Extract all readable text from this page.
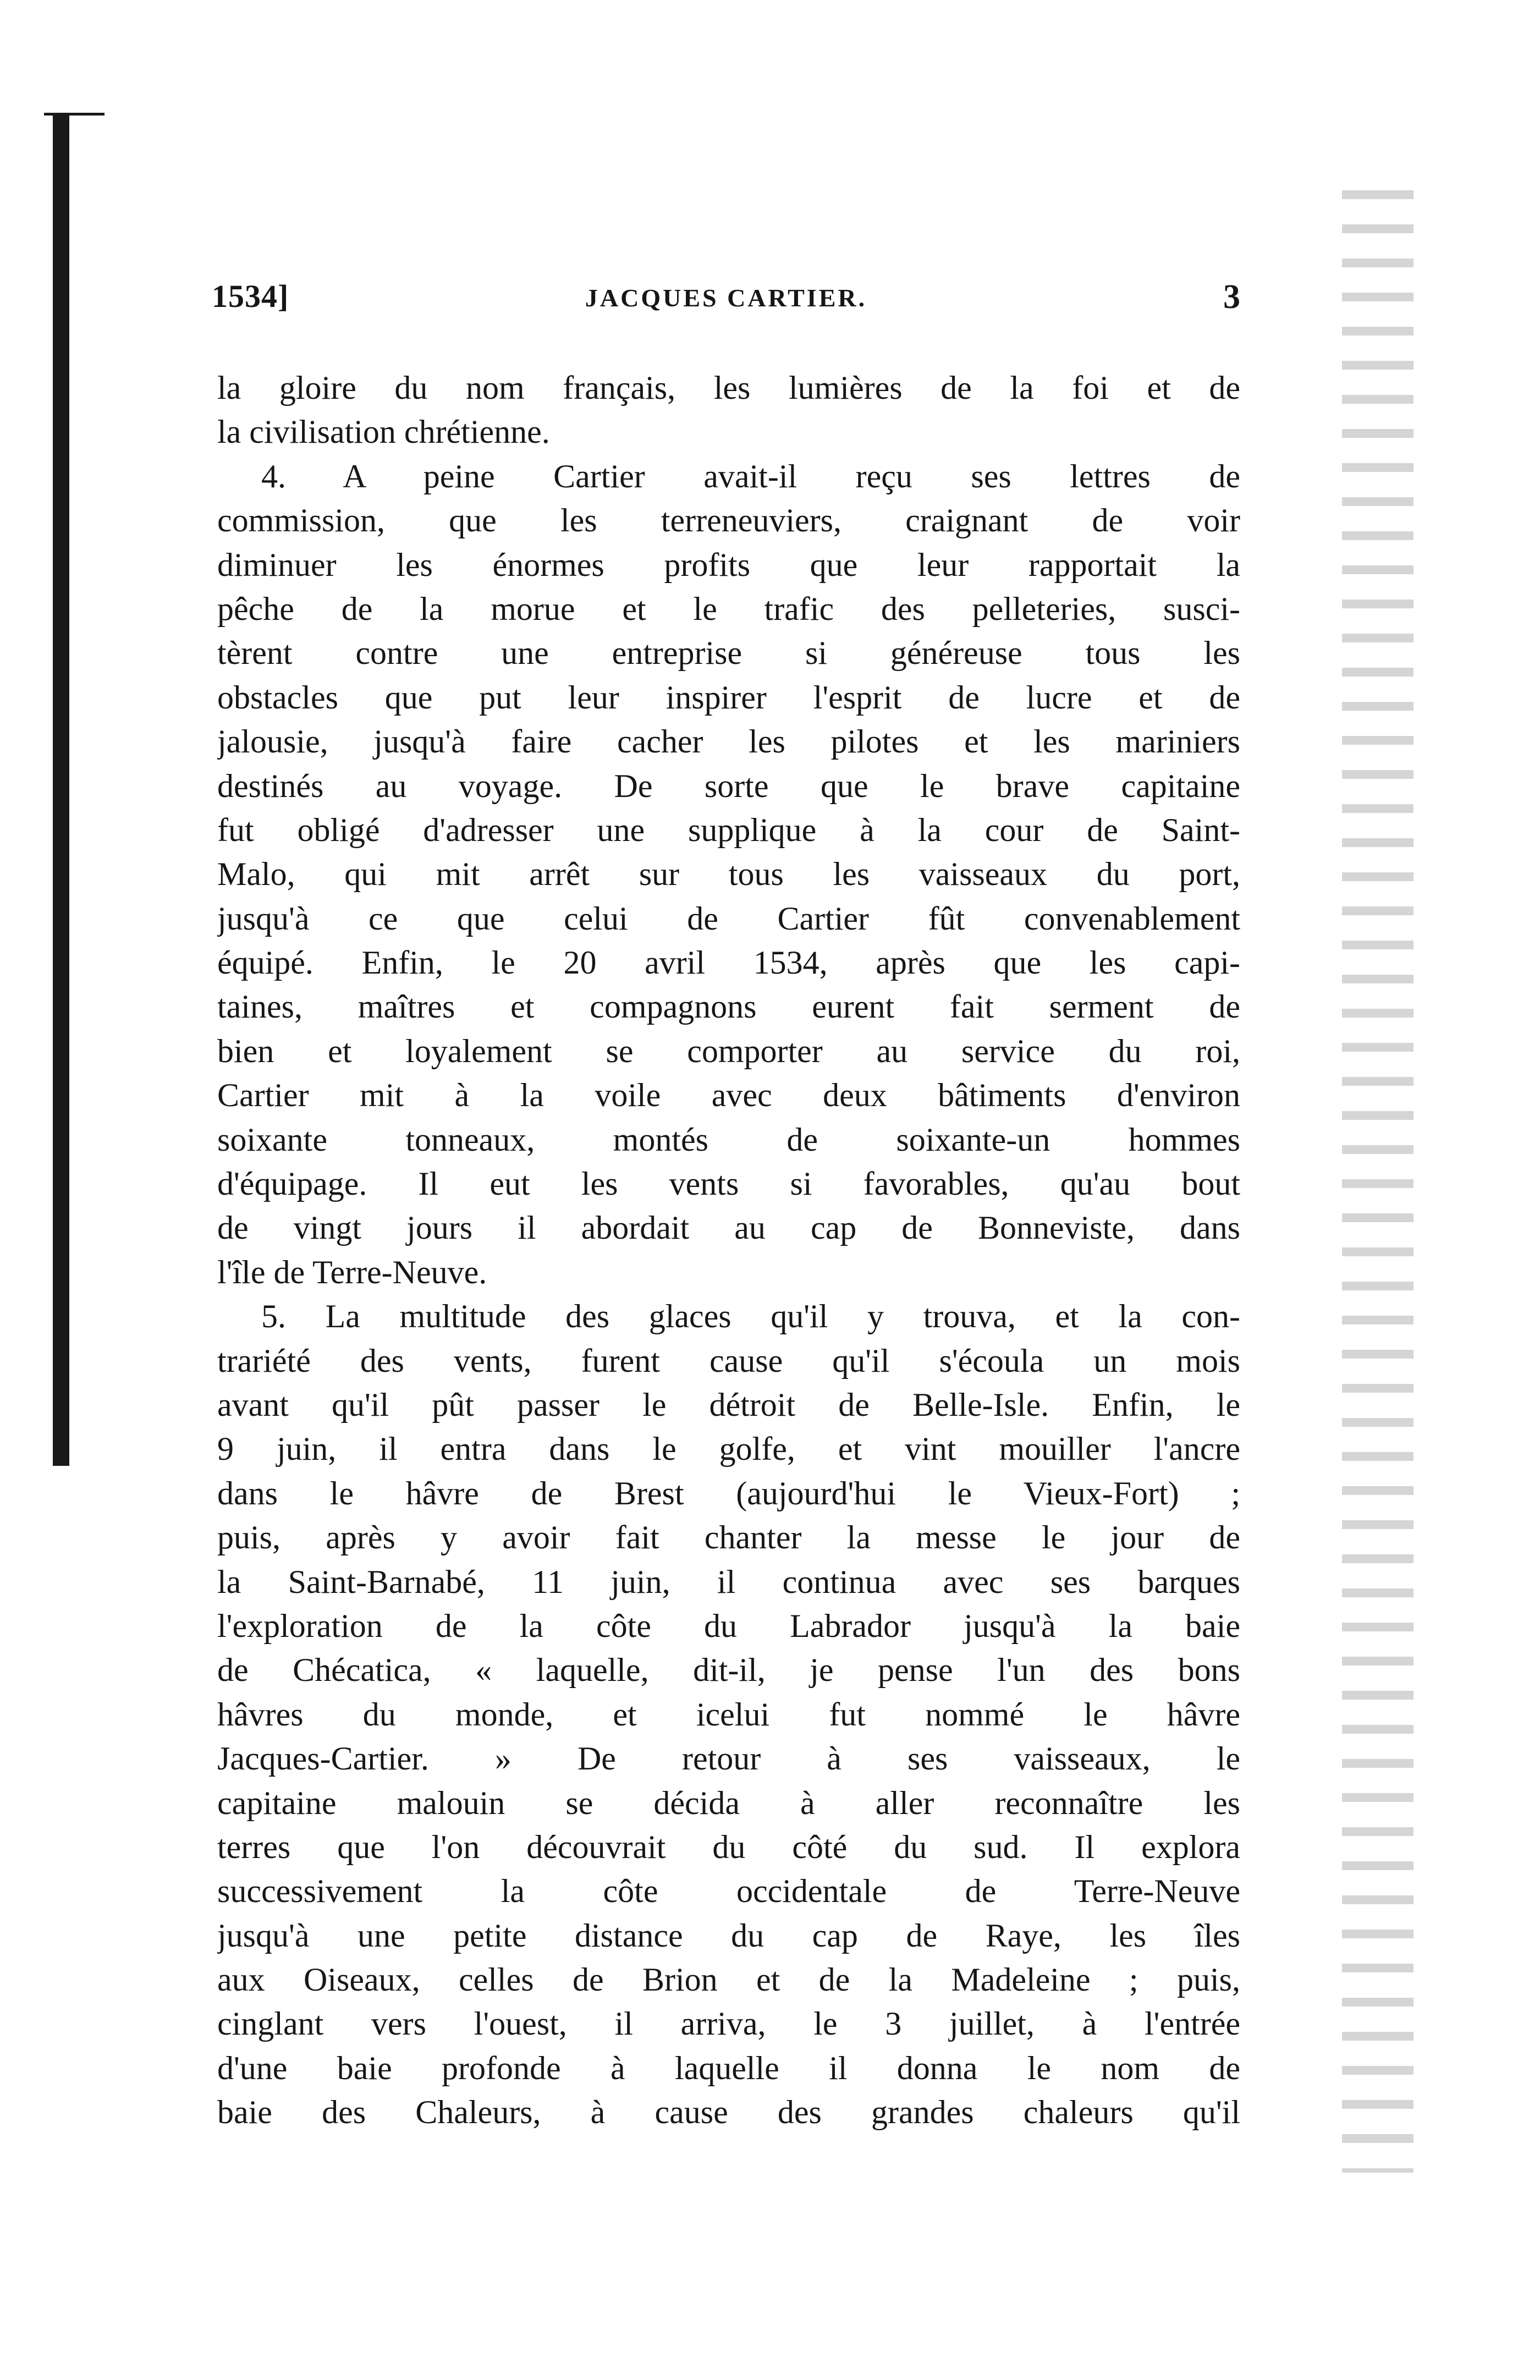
1534]	JACQUES CARTIER.	3
la gloire du nom français, les lumières de la foi et de
la civilisation chrétienne.
4. A peine Cartier avait-il reçu ses lettres de
commission, que les terreneuviers, craignant de voir
diminuer les énormes profits que leur rapportait la
pêche de la morue et le trafic des pelleteries, susci-
tèrent contre une entreprise si généreuse tous les
obstacles que put leur inspirer l'esprit de lucre et de
jalousie, jusqu'à faire cacher les pilotes et les mariniers
destinés au voyage. De sorte que le brave capitaine
fut obligé d'adresser une supplique à la cour de Saint-
Malo, qui mit arrêt sur tous les vaisseaux du port,
jusqu'à ce que celui de Cartier fût convenablement
équipé. Enfin, le 20 avril 1534, après que les capi-
taines, maîtres et compagnons eurent fait serment de
bien et loyalement se comporter au service du roi,
Cartier mit à la voile avec deux bâtiments d'environ
soixante tonneaux, montés de soixante-un hommes
d'équipage. Il eut les vents si favorables, qu'au bout
de vingt jours il abordait au cap de Bonneviste, dans
l'île de Terre-Neuve.
5. La multitude des glaces qu'il y trouva, et la con-
trariété des vents, furent cause qu'il s'écoula un mois
avant qu'il pût passer le détroit de Belle-Isle. Enfin, le
9 juin, il entra dans le golfe, et vint mouiller l'ancre
dans le hâvre de Brest (aujourd'hui le Vieux-Fort) ;
puis, après y avoir fait chanter la messe le jour de
la Saint-Barnabé, 11 juin, il continua avec ses barques
l'exploration de la côte du Labrador jusqu'à la baie
de Chécatica, « laquelle, dit-il, je pense l'un des bons
hâvres du monde, et icelui fut nommé le hâvre
Jacques-Cartier. » De retour à ses vaisseaux, le
capitaine malouin se décida à aller reconnaître les
terres que l'on découvrait du côté du sud. Il explora
successivement la côte occidentale de Terre-Neuve
jusqu'à une petite distance du cap de Raye, les îles
aux Oiseaux, celles de Brion et de la Madeleine ; puis,
cinglant vers l'ouest, il arriva, le 3 juillet, à l'entrée
d'une baie profonde à laquelle il donna le nom de
baie des Chaleurs, à cause des grandes chaleurs qu'il
